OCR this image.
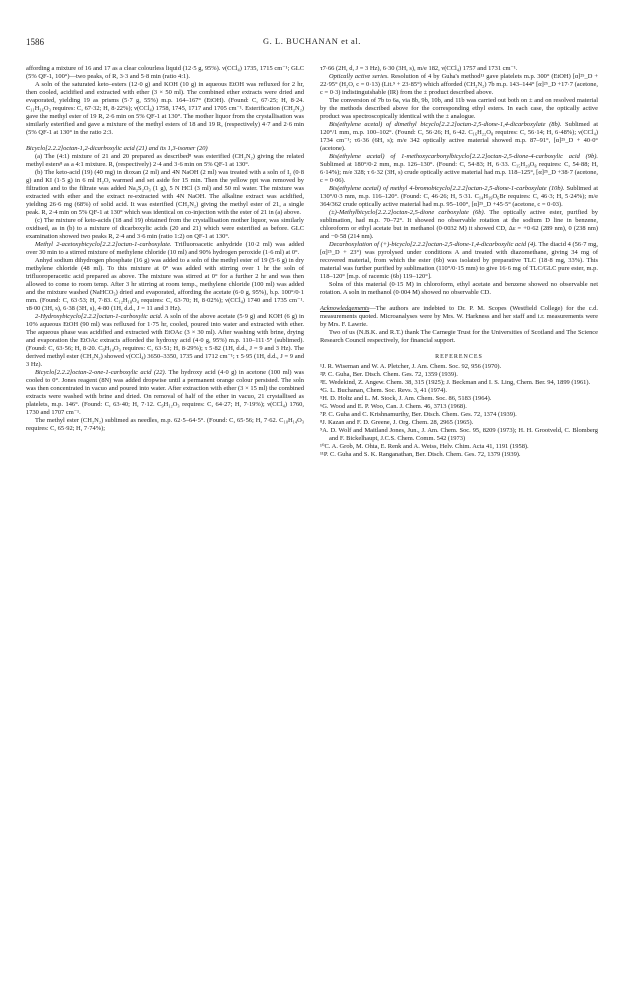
1586	G. L. BUCHANAN et al.

affording a mixture of 16 and 17 as a clear colourless liquid (12·5 g, 95%). ν(CCl₄) 1735, 1715 cm⁻¹; GLC (5% QF-1, 100°)—two peaks, of R, 3·3 and 5·8 min (ratio 4:1).

A soln of the saturated keto–esters (12·0 g) and KOH (10 g) in aqueous EtOH was refluxed for 2 hr, then cooled, acidified and extracted with ether (3 × 50 ml). The combined ether extracts were dried and evaporated, yielding 19 as prisms (5·7 g, 55%) m.p. 164–167° (EtOH). (Found: C, 67·25; H, 8·24. C₁₁H₁₆O₃ requires: C, 67·32; H, 8·22%); ν(CCl₄) 1758, 1745, 1717 and 1705 cm⁻¹. Esterification (CH₂N₂) gave the methyl ester of 19 R, 2·6 min on 5% QF-1 at 130°. The mother liquor from the crystallisation was similarly esterified and gave a mixture of the methyl esters of 18 and 19 R, (respectively) 4·7 and 2·6 min (5% QF-1 at 130° in the ratio 2:3.

Bicyclo[2.2.2]octan-1,2-dicarboxylic acid (21) and its 1,3-isomer (20)

(a) The (4:1) mixture of 21 and 20 prepared as described⁸ was esterified (CH₂N₂) giving the related methyl esters⁸ as a 4:1 mixture. R, (respectively) 2·4 and 3·6 min on 5% QF-1 at 130°.

(b) The keto-acid (19) (40 mg) in dioxan (2 ml) and 4N NaOH (2 ml) was treated with a soln of I₂ (0·8 g) and KI (1·5 g) in 6 ml H₂O, warmed and set aside for 15 min. Then the yellow ppt was removed by filtration and to the filtrate was added Na₂S₂O₃ (1 g), 5 N HCl (3 ml) and 50 ml water. The mixture was extracted with ether and the extract re-extracted with 4N NaOH. The alkaline extract was acidified, yielding 26·6 mg (68%) of solid acid. It was esterified (CH₂N₂) giving the methyl ester of 21, a single peak. R, 2·4 min on 5% QF-1 at 130° which was identical on co-injection with the ester of 21 in (a) above.

(c) The mixture of keto-acids (18 and 19) obtained from the crystallisation mother liquor, was similarly oxidised, as in (b) to a mixture of dicarboxylic acids (20 and 21) which were esterified as before. GLC examination showed two peaks R, 2·4 and 3·6 min (ratio 1:2) on QF-1 at 130°.

Methyl 2-acetoxybicyclo[2.2.2]octan-1-carboxylate. Trifluoroacetic anhydride (10·2 ml) was added over 30 min to a stirred mixture of methylene chloride (10 ml) and 90% hydrogen peroxide (1·6 ml) at 0°.

Anhyd sodium dihydrogen phosphate (16 g) was added to a soln of the methyl ester of 19 (5·6 g) in dry methylene chloride (48 ml). To this mixture at 0° was added with stirring over 1 hr the soln of trifluoroperacetic acid prepared as above. The mixture was stirred at 0° for a further 2 hr and was then allowed to come to room temp. After 3 hr stirring at room temp., methylene chloride (100 ml) was added and the mixture washed (NaHCO₃) dried and evaporated, affording the acetate (6·0 g, 95%), b.p. 100°/0·1 mm. (Found: C, 63·53; H, 7·83. C₁₂H₁₈O₄ requires: C, 63·70; H, 8·02%); ν(CCl₄) 1740 and 1735 cm⁻¹. τ8·00 (3H, s), 6·38 (3H, s), 4·80 (1H, d.d., J = 11 and 3 Hz).

2-Hydroxybicyclo[2.2.2]octan-1-carboxylic acid. A soln of the above acetate (5·9 g) and KOH (6 g) in 10% aqueous EtOH (90 ml) was refluxed for 1·75 hr, cooled, poured into water and extracted with ether. The aqueous phase was acidified and extracted with EtOAc (3 × 30 ml). After washing with brine, drying and evaporation the EtOAc extracts afforded the hydroxy acid (4·0 g, 95%) m.p. 110–111·5° (sublimed). (Found: C, 63·56; H, 8·20. C₉H₁₄O₃ requires: C, 63·51; H, 8·29%); τ 5·82 (1H, d.d., J = 9 and 3 Hz). The derived methyl ester (CH₂N₂) showed ν(CCl₄) 3650–3350, 1735 and 1712 cm⁻¹; τ 5·95 (1H, d.d., J = 9 and 3 Hz).

Bicyclo[2.2.2]octan-2-one-1-carboxylic acid (22). The hydroxy acid (4·0 g) in acetone (100 ml) was cooled to 0°. Jones reagent (8N) was added dropwise until a permanent orange colour persisted. The soln was then concentrated in vacuo and poured into water. After extraction with ether (3 × 15 ml) the combined extracts were washed with brine and dried. On removal of half of the ether in vacuo, 21 crystallised as platelets, m.p. 146°. (Found: C, 63·40; H, 7·12. C₉H₁₂O₃ requires: C, 64·27; H, 7·19%); ν(CCl₄) 1760, 1730 and 1707 cm⁻¹.

The methyl ester (CH₂N₂) sublimed as needles, m.p. 62·5–64·5°. (Found: C, 65·56; H, 7·62. C₁₀H₁₄O₃ requires: C, 65·92; H, 7·74%);

τ7·66 (2H, d, J = 3 Hz), 6·30 (3H, s), m/e 182, ν(CCl₄) 1757 and 1731 cm⁻¹.

Optically active series. Resolution of 4 by Guha's method¹¹ gave platelets m.p. 300° (EtOH) [α]²⁵_D + 22·95° (H₂O, c = 0·13) (Lit.⁹ + 23·85°) which afforded (CH₂N₂) 7b m.p. 143–144° [α]²⁵_D +17·7 (acetone, c = 0·3) indistinguishable (IR) from the ± product described above.

The conversion of 7b to 6a, via 8b, 9b, 10b, and 11b was carried out both on ± and on resolved material by the methods described above for the corresponding ethyl esters. In each case, the optically active product was spectroscopically identical with the ± analogue.

Bis(ethylene acetal) of dimethyl bicyclo[2.2.2]octan-2,5-dione-1,4-dicarboxylate (8b). Sublimed at 120°/1 mm, m.p. 100–102°. (Found: C, 56·26; H, 6·42. C₁₆H₂₂O₈ requires: C, 56·14; H, 6·48%); ν(CCl₄) 1734 cm⁻¹; τ6·36 (6H, s); m/e 342 optically active material showed m.p. 87–91°, [α]²⁵_D + 40·0° (acetone).

Bis(ethylene acetal) of 1-methoxycarbonylbicyclo[2.2.2]octan-2,5-dione-4-carboxylic acid (9b). Sublimed at 180°/0·2 mm, m.p. 126–130°. (Found: C, 54·83; H, 6·33. C₁₅H₂₀O₈ requires: C, 54·88; H, 6·14%); m/e 328; τ 6·32 (3H, s) crude optically active material had m.p. 118–125°, [α]²⁵_D +38·7 (acetone, c = 0·06).

Bis(ethylene acetal) of methyl 4-bromobicyclo[2.2.2]octan-2,5-dione-1-carboxylate (10b). Sublimed at 130°/0·3 mm, m.p. 116–120°. (Found: C, 46·26; H, 5·31. C₁₄H₁₉O₆Br requires: C, 46·3; H, 5·24%); m/e 364/362 crude optically active material had m.p. 95–100°, [α]²⁵_D +45·5° (acetone, c = 0·03).

(±)-Methylbicyclo[2.2.2]octan-2,5-dione carboxylate (6b). The optically active ester, purified by sublimation, had m.p. 70–72°. It showed no observable rotation at the sodium D line in benzene, chloroform or ethyl acetate but in methanol (0·0032 M) it showed CD, Δε = +0·62 (289 nm), 0 (238 nm) and −0·58 (214 nm).

Decarboxylation of (+)-bicyclo[2.2.2]octan-2,5-dione-1,4-dicarboxylic acid (4). The diacid 4 (56·7 mg, [α]²⁵_D + 23°) was pyrolysed under conditions A and treated with diazomethane, giving 34 mg of recovered material, from which the ester (6b) was isolated by preparative TLC (18·8 mg, 33%). This material was further purified by sublimation (110°/0·15 mm) to give 16·6 mg of TLC/GLC pure ester, m.p. 118–120° [m.p. of racemic (6b) 119–120°].

Solns of this material (0·15 M) in chloroform, ethyl acetate and benzene showed no observable net rotation. A soln in methanol (0·004 M) showed no observable CD.

Acknowledgements—The authors are indebted to Dr. P. M. Scopes (Westfield College) for the c.d. measurements quoted. Microanalyses were by Mrs. W. Harkness and her staff and i.r. measurements were by Mrs. F. Lawrie.

Two of us (N.B.K. and R.T.) thank The Carnegie Trust for the Universities of Scotland and The Science Research Council respectively, for financial support.

REFERENCES

¹J. R. Wiseman and W. A. Pletcher, J. Am. Chem. Soc. 92, 956 (1970).

²P. C. Guha, Ber. Dtsch. Chem. Ges. 72, 1359 (1939).

³E. Wedekind, Z. Angew. Chem. 38, 315 (1925); J. Beckman and I. S. Ling, Chem. Ber. 94, 1899 (1961).

⁴G. L. Buchanan, Chem. Soc. Revs. 3, 41 (1974).

⁵H. D. Holtz and L. M. Stock, J. Am. Chem. Soc. 86, 5183 (1964).

⁶G. Wood and E. P. Woo, Can. J. Chem. 46, 3713 (1968).

⁷P. C. Guha and C. Krishnamurthy, Ber. Dtsch. Chem. Ges. 72, 1374 (1939).

⁸J. Kazan and F. D. Greene, J. Org. Chem. 28, 2965 (1965).

⁹A. D. Wolf and Maitland Jones, Jun., J. Am. Chem. Soc. 95, 8209 (1973); H. H. Grootveld, C. Blomberg and F. Bickelhaupt, J.C.S. Chem. Comm. 542 (1973)

¹⁰C. A. Grob, M. Ohta, E. Renk and A. Weiss, Helv. Chim. Acta 41, 1191 (1958).

¹¹P. C. Guha and S. K. Ranganathan, Ber. Dtsch. Chem. Ges. 72, 1379 (1939).
